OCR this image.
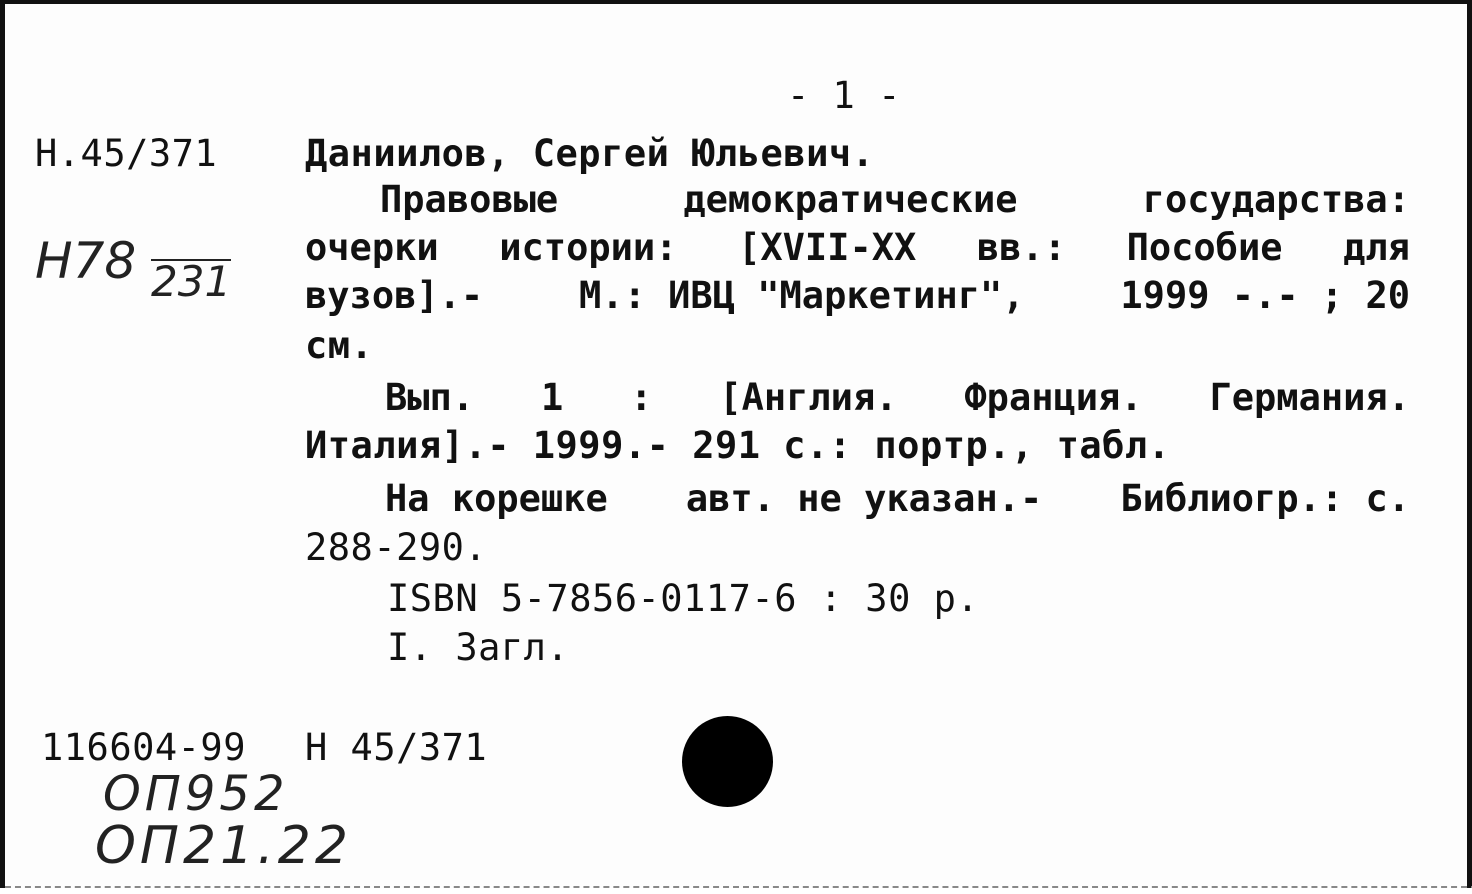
- 1 -
Н.45/371
Н78 231
Даниилов, Сергей Юльевич.
Правовые	демократические	государства:
очерки истории: [XVII-XX вв.: Пособие для
вузов].-	М.: ИВЦ "Маркетинг",	1999 -.- ; 20
см.
Вып. 1 : [Англия. Франция. Германия.
Италия].- 1999.- 291 с.: портр., табл.
На корешке авт. не указан.- Библиогр.: с.
288-290.
ISBN 5-7856-0117-6 : 30 р.
I. Загл.
116604-99 Н 45/371
ОП952
ОП21.22
